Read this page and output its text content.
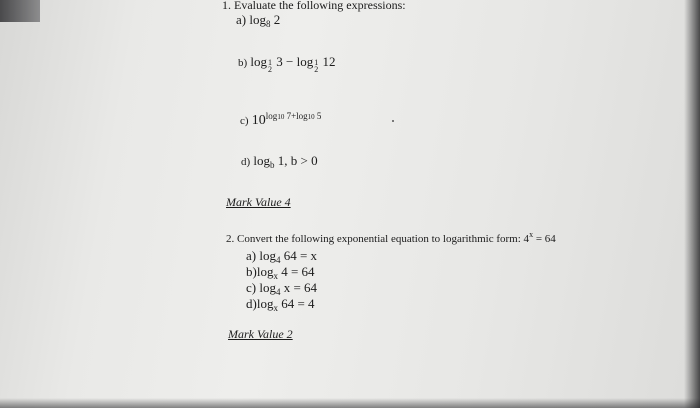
1. Evaluate the following expressions:
a) $\log_8 2$
b) log 1
2
3 − log 1
2
12
c) $10^{log10 7+log10 5}$
d) $\log_b 1$, b > 0
Mark Value 4
2. Convert the following exponential equation to logarithmic form: $4^x = 64$
a) $\log_4 64 = x$
$b)\log_x$ 4 = 64
c) $\log_4 x = 64$
$d)\log_x$ 64 = 4
Mark Value 2
